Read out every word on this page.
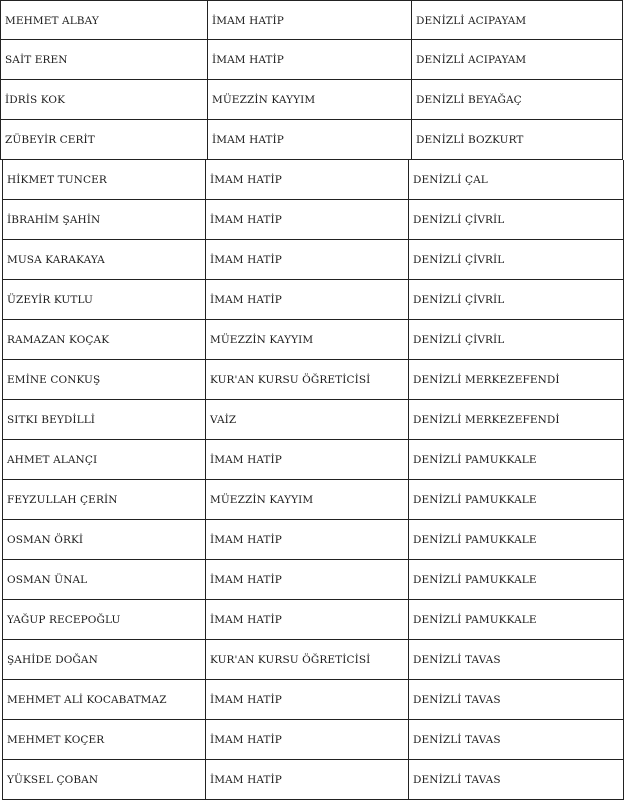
MEHMET ALBAY	İMAM HATİP	DENİZLİ ACIPAYAM
SAİT EREN	İMAM HATİP	DENİZLİ ACIPAYAM
İDRİS KOK	MÜEZZİN KAYYIM	DENİZLİ BEYAĞAÇ
ZÜBEYİR CERİT	İMAM HATİP	DENİZLİ BOZKURT
HİKMET TUNCER	İMAM HATİP	DENİZLİ ÇAL
İBRAHİM ŞAHİN	İMAM HATİP	DENİZLİ ÇİVRİL
MUSA KARAKAYA	İMAM HATİP	DENİZLİ ÇİVRİL
ÜZEYİR KUTLU	İMAM HATİP	DENİZLİ ÇİVRİL
RAMAZAN KOÇAK	MÜEZZİN KAYYIM	DENİZLİ ÇİVRİL
EMİNE CONKUŞ	KUR'AN KURSU ÖĞRETİCİSİ	DENİZLİ MERKEZEFENDİ
SITKI BEYDİLLİ	VAİZ	DENİZLİ MERKEZEFENDİ
AHMET ALANÇI	İMAM HATİP	DENİZLİ PAMUKKALE
FEYZULLAH ÇERİN	MÜEZZİN KAYYIM	DENİZLİ PAMUKKALE
OSMAN ÖRKİ	İMAM HATİP	DENİZLİ PAMUKKALE
OSMAN ÜNAL	İMAM HATİP	DENİZLİ PAMUKKALE
YAĞUP RECEPOĞLU	İMAM HATİP	DENİZLİ PAMUKKALE
ŞAHİDE DOĞAN	KUR'AN KURSU ÖĞRETİCİSİ	DENİZLİ TAVAS
MEHMET ALİ KOCABATMAZ	İMAM HATİP	DENİZLİ TAVAS
MEHMET KOÇER	İMAM HATİP	DENİZLİ TAVAS
YÜKSEL ÇOBAN	İMAM HATİP	DENİZLİ TAVAS
